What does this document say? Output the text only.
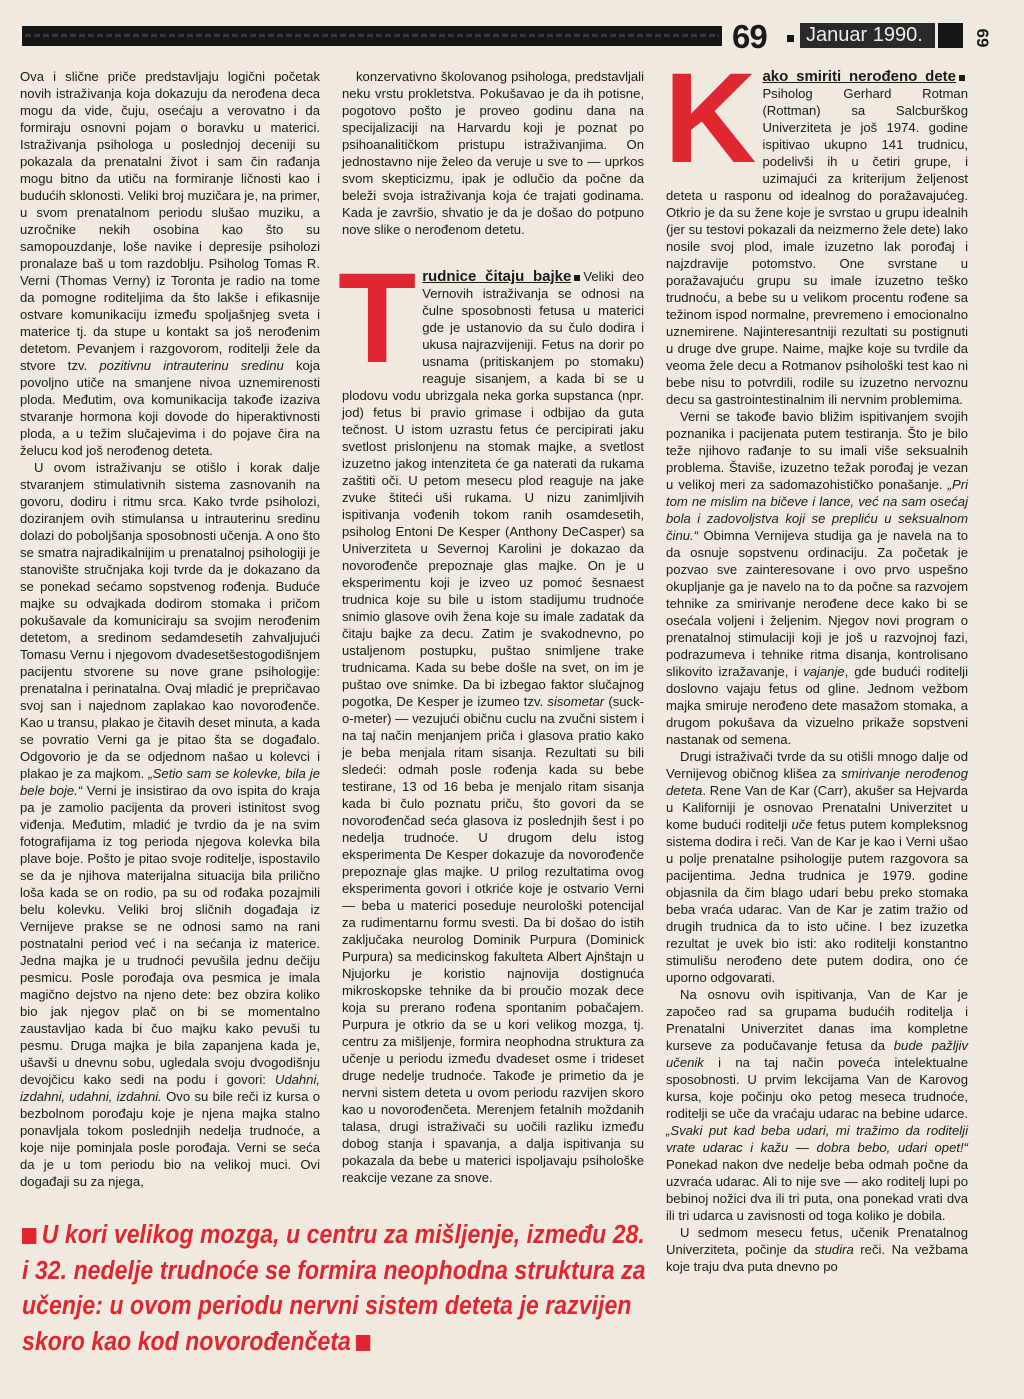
69	Januar 1990.	69

Ova i slične priče predstavljaju logični početak novih istraživanja koja dokazuju da nerođena deca mogu da vide, čuju, osećaju a verovatno i da formiraju osnovni pojam o boravku u materici. Istraživanja psihologa u poslednjoj deceniji su pokazala da prenatalni život i sam čin rađanja mogu bitno da utiču na formiranje ličnosti kao i budućih sklonosti. Veliki broj muzičara je, na primer, u svom prenatalnom periodu slušao muziku, a uzročnike nekih osobina kao što su samopouzdanje, loše navike i depresije psiholozi pronalaze baš u tom razdoblju. Psiholog Tomas R. Verni (Thomas Verny) iz Toronta je radio na tome da pomogne roditeljima da što lakše i efikasnije ostvare komunikaciju između spoljašnjeg sveta i materice tj. da stupe u kontakt sa još nerođenim detetom. Pevanjem i razgovorom, roditelji žele da stvore tzv. pozitivnu intrauterinu sredinu koja povoljno utiče na smanjene nivoa uznemirenosti ploda. Međutim, ova komunikacija takođe izaziva stvaranje hormona koji dovode do hiperaktivnosti ploda, a u težim slučajevima i do pojave čira na želucu kod još nerođenog deteta.

U ovom istraživanju se otišlo i korak dalje stvaranjem stimulativnih sistema zasnovanih na govoru, dodiru i ritmu srca. Kako tvrde psiholozi, doziranjem ovih stimulansa u intrauterinu sredinu dolazi do poboljšanja sposobnosti učenja. A ono što se smatra najradikalnijim u prenatalnoj psihologiji je stanovište stručnjaka koji tvrde da je dokazano da se ponekad sećamo sopstvenog rođenja. Buduće majke su odvajkada dodirom stomaka i pričom pokušavale da komuniciraju sa svojim nerođenim detetom, a sredinom sedamdesetih zahvaljujući Tomasu Vernu i njegovom dvadesetšestogodišnjem pacijentu stvorene su nove grane psihologije: prenatalna i perinatalna. Ovaj mladić je prepričavao svoj san i najednom zaplakao kao novorođenče. Kao u transu, plakao je čitavih deset minuta, a kada se povratio Verni ga je pitao šta se događalo. Odgovorio je da se odjednom našao u kolevci i plakao je za majkom. „Setio sam se kolevke, bila je bele boje.“ Verni je insistirao da ovo ispita do kraja pa je zamolio pacijenta da proveri istinitost svog viđenja. Međutim, mladić je tvrdio da je na svim fotografijama iz tog perioda njegova kolevka bila plave boje. Pošto je pitao svoje roditelje, ispostavilo se da je njihova materijalna situacija bila prilično loša kada se on rodio, pa su od rođaka pozajmili belu kolevku. Veliki broj sličnih događaja iz Vernijeve prakse se ne odnosi samo na rani postnatalni period već i na sećanja iz materice. Jedna majka je u trudnoći pevušila jednu dečiju pesmicu. Posle porođaja ova pesmica je imala magično dejstvo na njeno dete: bez obzira koliko bio jak njegov plač on bi se momentalno zaustavljao kada bi čuo majku kako pevuši tu pesmu. Druga majka je bila zapanjena kada je, ušavši u dnevnu sobu, ugledala svoju dvogodišnju devojčicu kako sedi na podu i govori: Udahni, izdahni, udahni, izdahni. Ovo su bile reči iz kursa o bezbolnom porođaju koje je njena majka stalno ponavljala tokom poslednjih nedelja trudnoće, a koje nije pominjala posle porođaja. Verni se seća da je u tom periodu bio na velikoj muci. Ovi događaji su za njega,

konzervativno školovanog psihologa, predstavljali neku vrstu prokletstva. Pokušavao je da ih potisne, pogotovo pošto je proveo godinu dana na specijalizaciji na Harvardu koji je poznat po psihoanalitičkom pristupu istraživanjima. On jednostavno nije želeo da veruje u sve to — uprkos svom skepticizmu, ipak je odlučio da počne da beleži svoja istraživanja koja će trajati godinama. Kada je završio, shvatio je da je došao do potpuno nove slike o nerođenom detetu.

T rudnice čitaju bajke Veliki deo Vernovih istraživanja se odnosi na čulne sposobnosti fetusa u materici gde je ustanovio da su čulo dodira i ukusa najrazvijeniji. Fetus na dorir po usnama (pritiskanjem po stomaku) reaguje sisanjem, a kada bi se u plodovu vodu ubrizgala neka gorka supstanca (npr. jod) fetus bi pravio grimase i odbijao da guta tečnost. U istom uzrastu fetus će percipirati jaku svetlost prislonjenu na stomak majke, a svetlost izuzetno jakog intenziteta će ga naterati da rukama zaštiti oči. U petom mesecu plod reaguje na jake zvuke štiteći uši rukama. U nizu zanimljivih ispitivanja vođenih tokom ranih osamdesetih, psiholog Entoni De Kesper (Anthony DeCasper) sa Univerziteta u Severnoj Karolini je dokazao da novorođenče prepoznaje glas majke. On je u eksperimentu koji je izveo uz pomoć šesnaest trudnica koje su bile u istom stadijumu trudnoće snimio glasove ovih žena koje su imale zadatak da čitaju bajke za decu. Zatim je svakodnevno, po ustaljenom postupku, puštao snimljene trake trudnicama. Kada su bebe došle na svet, on im je puštao ove snimke. Da bi izbegao faktor slučajnog pogotka, De Kesper je izumeo tzv. sisometar (suck-o-meter) — vezujući običnu cuclu na zvučni sistem i na taj način menjanjem priča i glasova pratio kako je beba menjala ritam sisanja. Rezultati su bili sledeći: odmah posle rođenja kada su bebe testirane, 13 od 16 beba je menjalo ritam sisanja kada bi čulo poznatu priču, što govori da se novorođenčad seća glasova iz poslednjih šest i po nedelja trudnoće. U drugom delu istog eksperimenta De Kesper dokazuje da novorođenče prepoznaje glas majke. U prilog rezultatima ovog eksperimenta govori i otkriće koje je ostvario Verni — beba u materici poseduje neurološki potencijal za rudimentarnu formu svesti. Da bi došao do istih zaključaka neurolog Dominik Purpura (Dominick Purpura) sa medicinskog fakulteta Albert Ajnštajn u Njujorku je koristio najnovija dostignuća mikroskopske tehnike da bi proučio mozak dece koja su prerano rođena spontanim pobačajem. Purpura je otkrio da se u kori velikog mozga, tj. centru za mišljenje, formira neophodna struktura za učenje u periodu između dvadeset osme i trideset druge nedelje trudnoće. Takođe je primetio da je nervni sistem deteta u ovom periodu razvijen skoro kao u novorođenčeta. Merenjem fetalnih moždanih talasa, drugi istraživači su uočili razliku između dobog stanja i spavanja, a dalja ispitivanja su pokazala da bebe u materici ispoljavaju psihološke reakcije vezane za snove.

K ako smiriti nerođeno detePsiholog Gerhard Rotman (Rottman) sa Salcburškog Univerziteta je još 1974. godine ispitivao ukupno 141 trudnicu, podelivši ih u četiri grupe, i uzimajući za kriterijum željenost deteta u rasponu od idealnog do poražavajućeg. Otkrio je da su žene koje je svrstao u grupu idealnih (jer su testovi pokazali da neizmerno žele dete) lako nosile svoj plod, imale izuzetno lak porođaj i najzdravije potomstvo. One svrstane u poražavajuću grupu su imale izuzetno teško trudnoću, a bebe su u velikom procentu rođene sa težinom ispod normalne, prevremeno i emocionalno uznemirene. Najinteresantniji rezultati su postignuti u druge dve grupe. Naime, majke koje su tvrdile da veoma žele decu a Rotmanov psihološki test kao ni bebe nisu to potvrdili, rodile su izuzetno nervoznu decu sa gastrointestinalnim ili nervnim problemima.

Verni se takođe bavio bližim ispitivanjem svojih poznanika i pacijenata putem testiranja. Što je bilo teže njihovo rađanje to su imali više seksualnih problema. Štaviše, izuzetno težak porođaj je vezan u velikoj meri za sadomazohističko ponašanje. „Pri tom ne mislim na bičeve i lance, već na sam osećaj bola i zadovoljstva koji se prepliću u seksualnom činu.“ Obimna Vernijeva studija ga je navela na to da osnuje sopstvenu ordinaciju. Za početak je pozvao sve zainteresovane i ovo prvo uspešno okupljanje ga je navelo na to da počne sa razvojem tehnike za smirivanje nerođene dece kako bi se osećala voljeni i željenim. Njegov novi program o prenatalnoj stimulaciji koji je još u razvojnoj fazi, podrazumeva i tehnike ritma disanja, kontrolisano slikovito izražavanje, i vajanje, gde budući roditelji doslovno vajaju fetus od gline. Jednom vežbom majka smiruje nerođeno dete masažom stomaka, a drugom pokušava da vizuelno prikaže sopstveni nastanak od semena.

Drugi istraživači tvrde da su otišli mnogo dalje od Vernijevog običnog klišea za smirivanje nerođenog deteta. Rene Van de Kar (Carr), akušer sa Hejvarda u Kaliforniji je osnovao Prenatalni Univerzitet u kome budući roditelji uče fetus putem kompleksnog sistema dodira i reči. Van de Kar je kao i Verni ušao u polje prenatalne psihologije putem razgovora sa pacijentima. Jedna trudnica je 1979. godine objasnila da čim blago udari bebu preko stomaka beba vraća udarac. Van de Kar je zatim tražio od drugih trudnica da to isto učine. I bez izuzetka rezultat je uvek bio isti: ako roditelji konstantno stimulišu nerođeno dete putem dodira, ono će uporno odgovarati.

Na osnovu ovih ispitivanja, Van de Kar je započeo rad sa grupama budućih roditelja i Prenatalni Univerzitet danas ima kompletne kurseve za podučavanje fetusa da bude pažljiv učenik i na taj način poveća intelektualne sposobnosti. U prvim lekcijama Van de Karovog kursa, koje počinju oko petog meseca trudnoće, roditelji se uče da vraćaju udarac na bebine udarce. „Svaki put kad beba udari, mi tražimo da roditelji vrate udarac i kažu — dobra bebo, udari opet!“ Ponekad nakon dve nedelje beba odmah počne da uzvraća udarac. Ali to nije sve — ako roditelj lupi po bebinoj nožici dva ili tri puta, ona ponekad vrati dva ili tri udarca u zavisnosti od toga koliko je dobila.

U sedmom mesecu fetus, učenik Prenatalnog Univerziteta, počinje da studira reči. Na vežbama koje traju dva puta dnevno po

U kori velikog mozga, u centru za mišljenje, između 28. i 32. nedelje trudnoće se formira neophodna struktura za učenje: u ovom periodu nervni sistem deteta je razvijen skoro kao kod novorođenčeta
